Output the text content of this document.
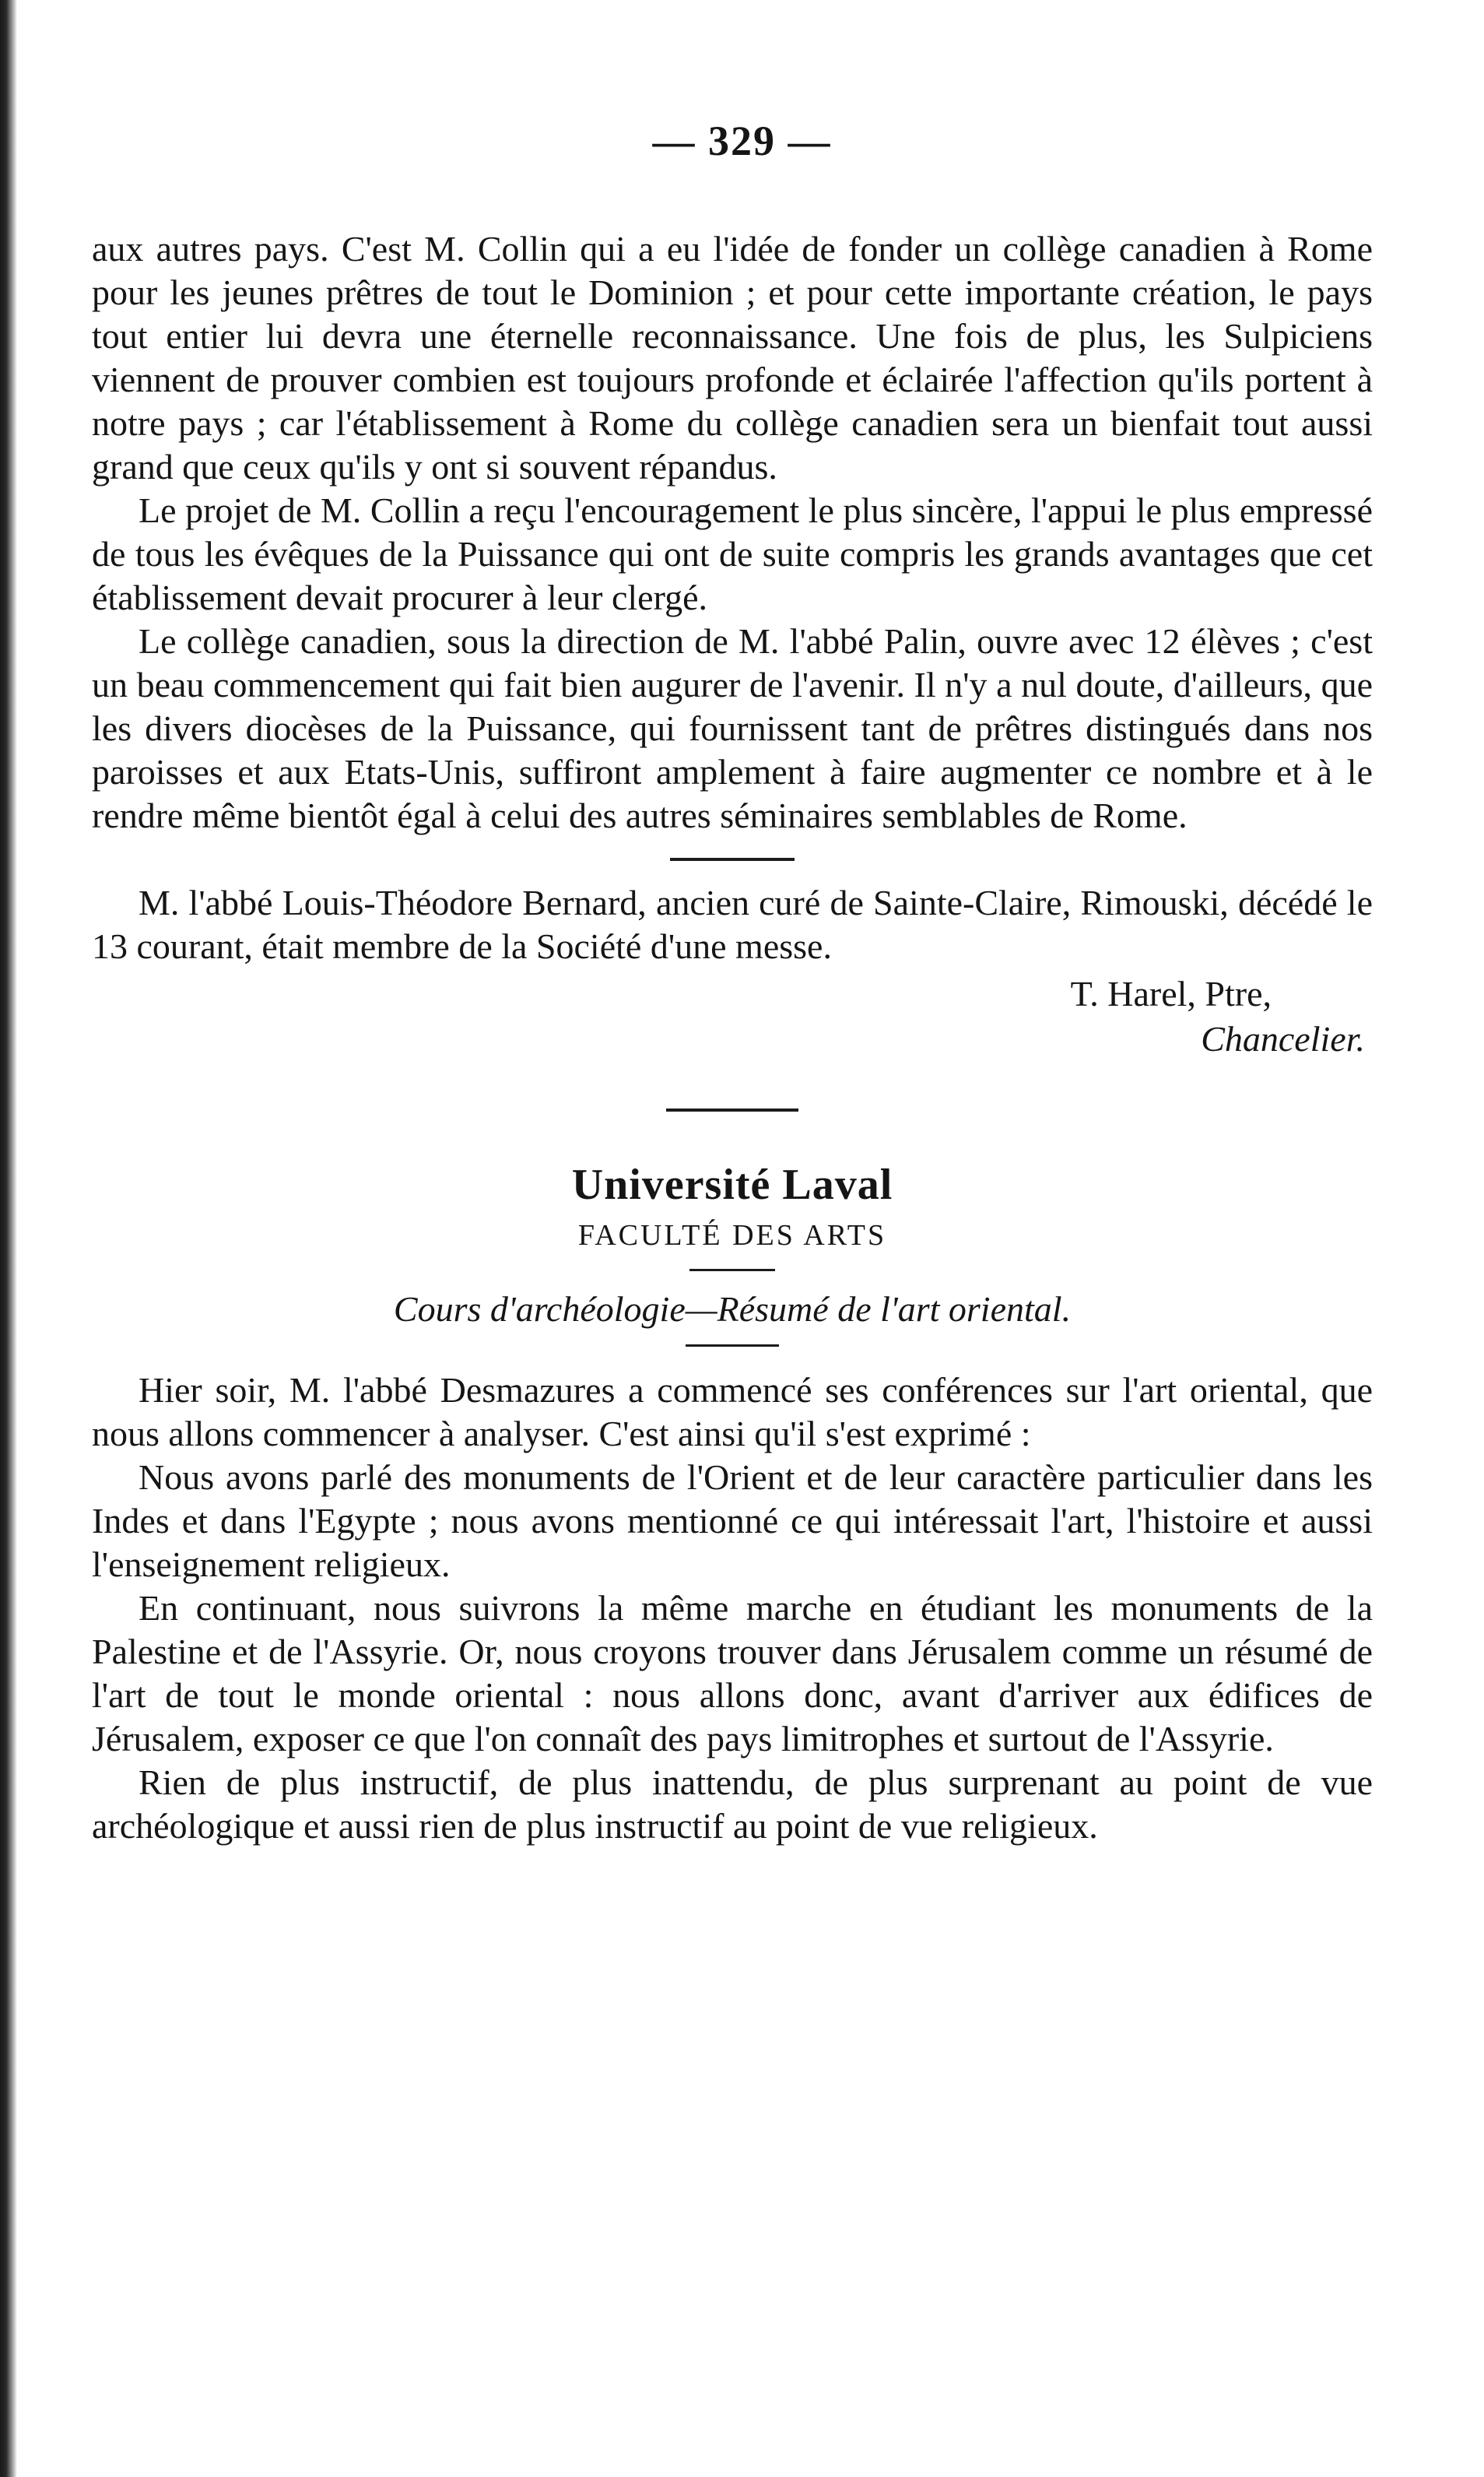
— 329 —

aux autres pays. C'est M. Collin qui a eu l'idée de fonder un collège canadien à Rome pour les jeunes prêtres de tout le Dominion ; et pour cette importante création, le pays tout entier lui devra une éternelle reconnaissance. Une fois de plus, les Sulpiciens viennent de prouver combien est toujours profonde et éclairée l'affection qu'ils portent à notre pays ; car l'établissement à Rome du collège canadien sera un bienfait tout aussi grand que ceux qu'ils y ont si souvent répandus.

Le projet de M. Collin a reçu l'encouragement le plus sincère, l'appui le plus empressé de tous les évêques de la Puissance qui ont de suite compris les grands avantages que cet établissement devait procurer à leur clergé.

Le collège canadien, sous la direction de M. l'abbé Palin, ouvre avec 12 élèves ; c'est un beau commencement qui fait bien augurer de l'avenir. Il n'y a nul doute, d'ailleurs, que les divers diocèses de la Puissance, qui fournissent tant de prêtres distingués dans nos paroisses et aux Etats-Unis, suffiront amplement à faire augmenter ce nombre et à le rendre même bientôt égal à celui des autres séminaires semblables de Rome.

M. l'abbé Louis-Théodore Bernard, ancien curé de Sainte-Claire, Rimouski, décédé le 13 courant, était membre de la Société d'une messe.

T. Harel, Ptre,

Chancelier.

Université Laval
FACULTÉ DES ARTS
Cours d'archéologie—Résumé de l'art oriental.

Hier soir, M. l'abbé Desmazures a commencé ses conférences sur l'art oriental, que nous allons commencer à analyser. C'est ainsi qu'il s'est exprimé :

Nous avons parlé des monuments de l'Orient et de leur caractère particulier dans les Indes et dans l'Egypte ; nous avons mentionné ce qui intéressait l'art, l'histoire et aussi l'enseignement religieux.

En continuant, nous suivrons la même marche en étudiant les monuments de la Palestine et de l'Assyrie. Or, nous croyons trouver dans Jérusalem comme un résumé de l'art de tout le monde oriental : nous allons donc, avant d'arriver aux édifices de Jérusalem, exposer ce que l'on connaît des pays limitrophes et surtout de l'Assyrie.

Rien de plus instructif, de plus inattendu, de plus surprenant au point de vue archéologique et aussi rien de plus instructif au point de vue religieux.
